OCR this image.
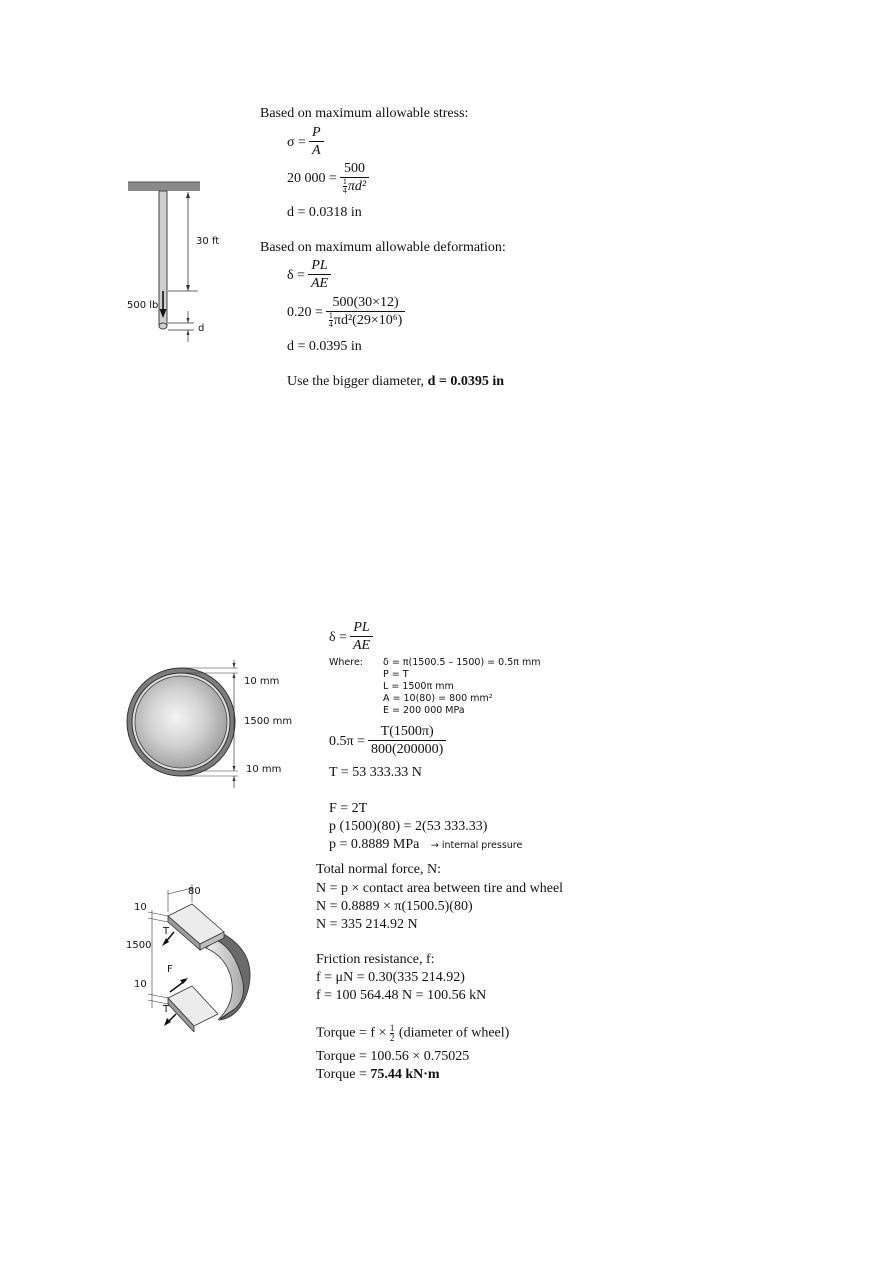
30 ft
500 lb
d
Based on maximum allowable stress:
$\sigma = \frac{P}{A}$
20 $000 = \frac{500}{\frac{1}{4} \pi d^2}$
d = 0.0318 in
Based on maximum allowable deformation:
$\delta = \frac{PL}{AE}$
$0.20 = \frac{500(30\times 12)}{\frac{1}{4} \pi d^2(29\times 10^6)}$
d = 0.0395 in
Use the bigger diameter, d = 0.0395 in
10 mm
1500 mm
10 mm
80
10
1500
10
T
F
T
$\delta = \frac{PL}{AE}$
Where: δ = π(1500.5 – 1500) = 0.5π mm
P = T
L = 1500π mm
A = 10(80) = 800 mm²
E = 200 000 MPa
$0.5\pi = \frac{T(1500\pi)}{800(200000)}$
T = 53 333.33 N
F = 2T
p (1500)(80) = 2(53 333.33)
p = 0.8889 MPa → internal pressure
Total normal force, N:
N = p × contact area between tire and wheel
N = 0.8889 × π(1500.5)(80)
N = 335 214.92 N
Friction resistance, f:
f = μN = 0.30(335 214.92)
f = 100 564.48 N = 100.56 kN
Torque = $f \times \frac{1}{2}$ (diameter of wheel)
Torque = 100.56 × 0.75025
Torque = 75.44 kN·m
